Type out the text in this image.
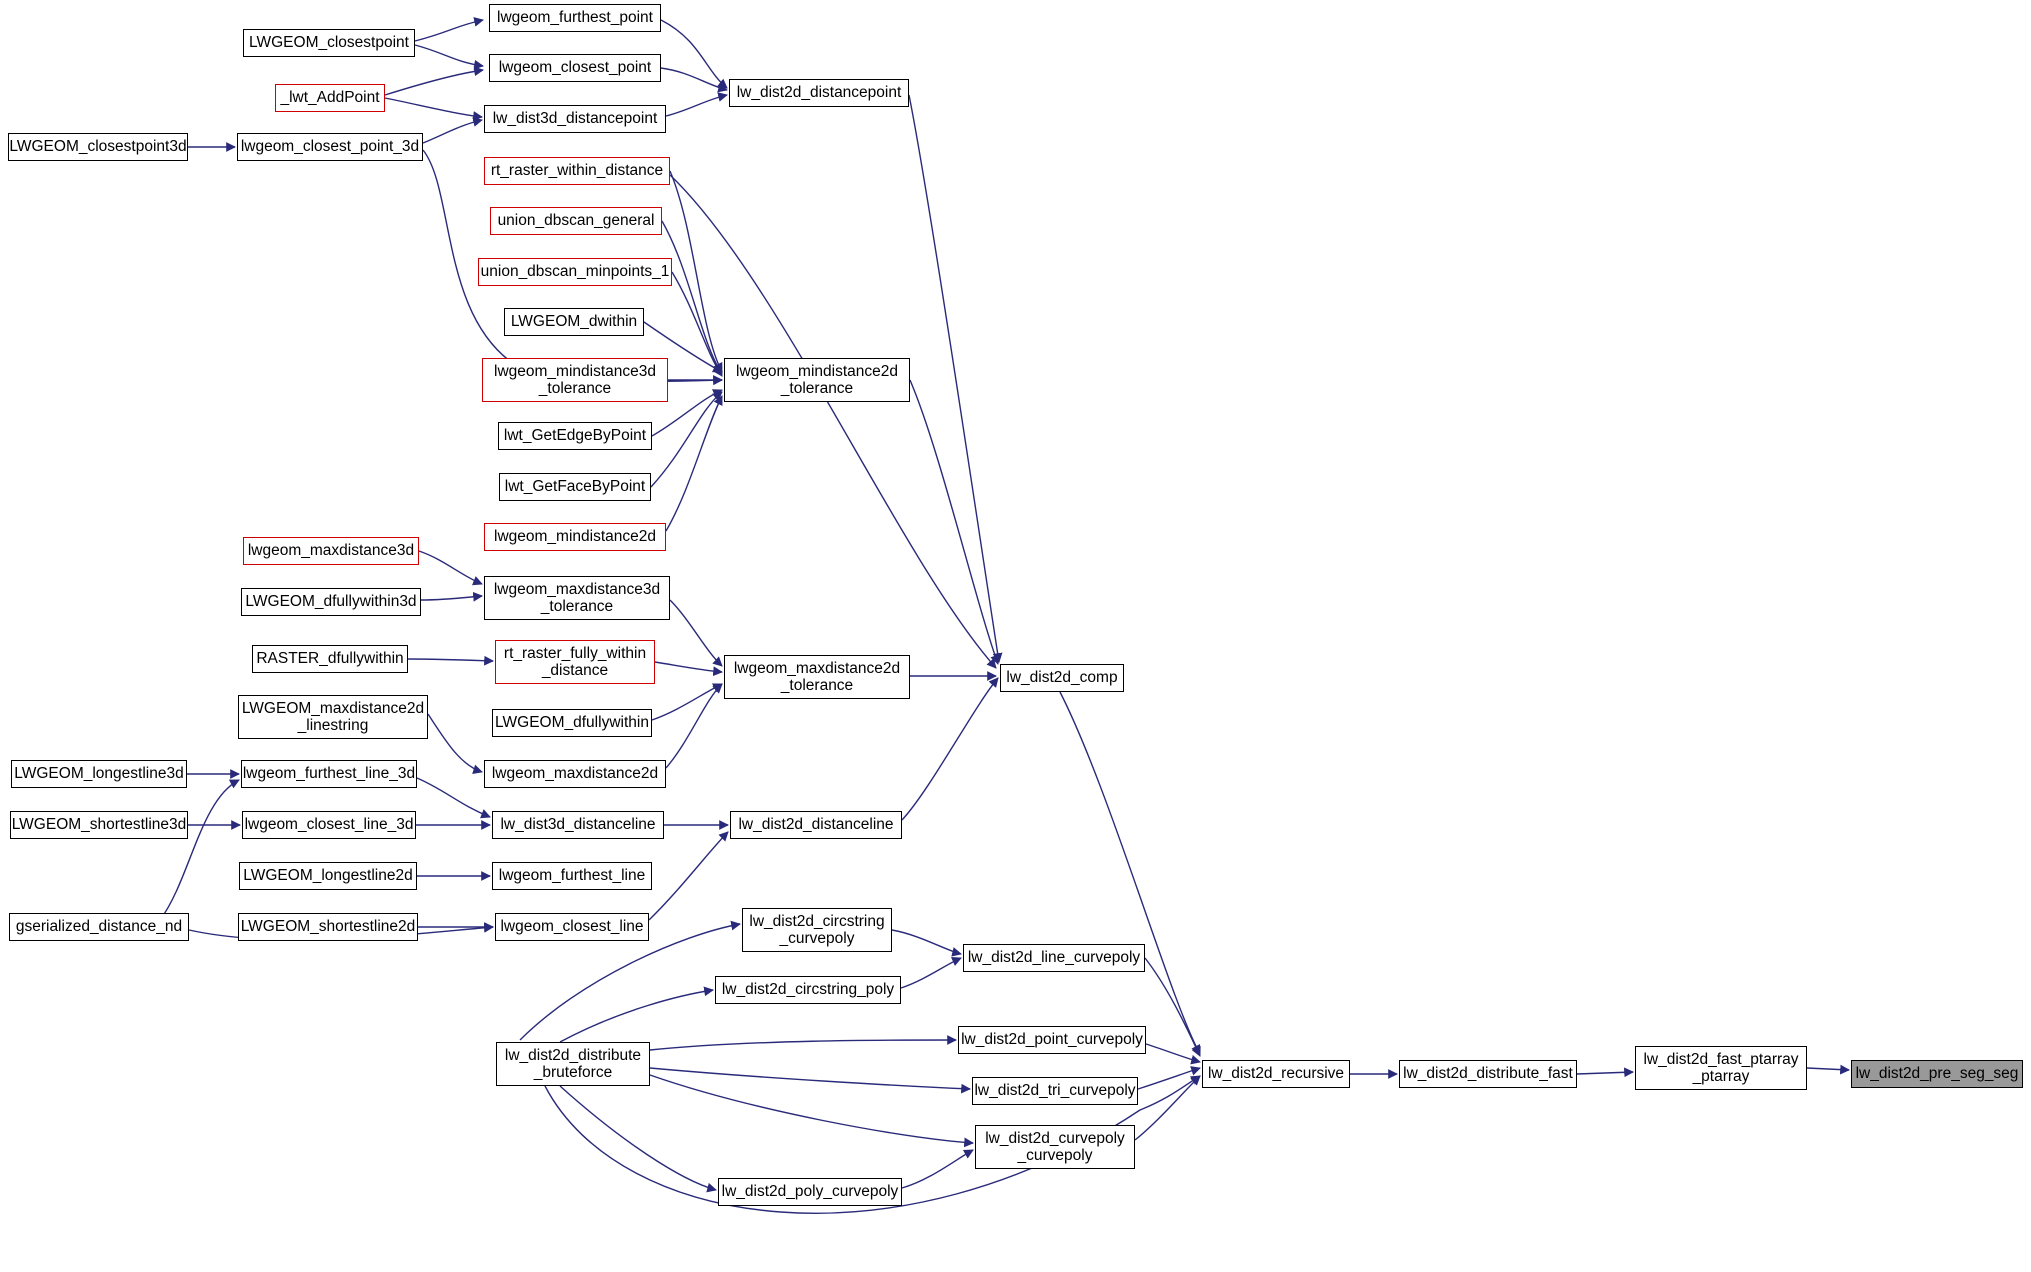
lwgeom_furthest_point
LWGEOM_closestpoint
lwgeom_closest_point
lw_dist2d_distancepoint
_lwt_AddPoint
lw_dist3d_distancepoint
LWGEOM_closestpoint3d	lwgeom_closest_point_3d
rt_raster_within_distance
union_dbscan_general
union_dbscan_minpoints_1
LWGEOM_dwithin
lwgeom_mindistance3d
_tolerance
lwgeom_mindistance2d
_tolerance
lwt_GetEdgeByPoint
lwt_GetFaceByPoint
lwgeom_mindistance2d
lwgeom_maxdistance3d
LWGEOM_dfullywithin3d
lwgeom_maxdistance3d
_tolerance
RASTER_dfullywithin	rt_raster_fully_within
_distance	lwgeom_maxdistance2d
_tolerance
LWGEOM_maxdistance2d
_linestring	LWGEOM_dfullywithin
lw_dist2d_comp
LWGEOM_longestline3d	lwgeom_furthest_line_3d	lwgeom_maxdistance2d
LWGEOM_shortestline3d	lwgeom_closest_line_3d	lw_dist3d_distanceline	lw_dist2d_distanceline
LWGEOM_longestline2d	lwgeom_furthest_line
gserialized_distance_nd	LWGEOM_shortestline2d	lwgeom_closest_line	lw_dist2d_circstring
_curvepoly
lw_dist2d_line_curvepoly
lw_dist2d_circstring_poly
lw_dist2d_point_curvepoly
lw_dist2d_distribute
_bruteforce	lw_dist2d_recursive	lw_dist2d_distribute_fast
lw_dist2d_fast_ptarray
_ptarray	lw_dist2d_pre_seg_seg
lw_dist2d_tri_curvepoly
lw_dist2d_curvepoly
_curvepoly
lw_dist2d_poly_curvepoly
